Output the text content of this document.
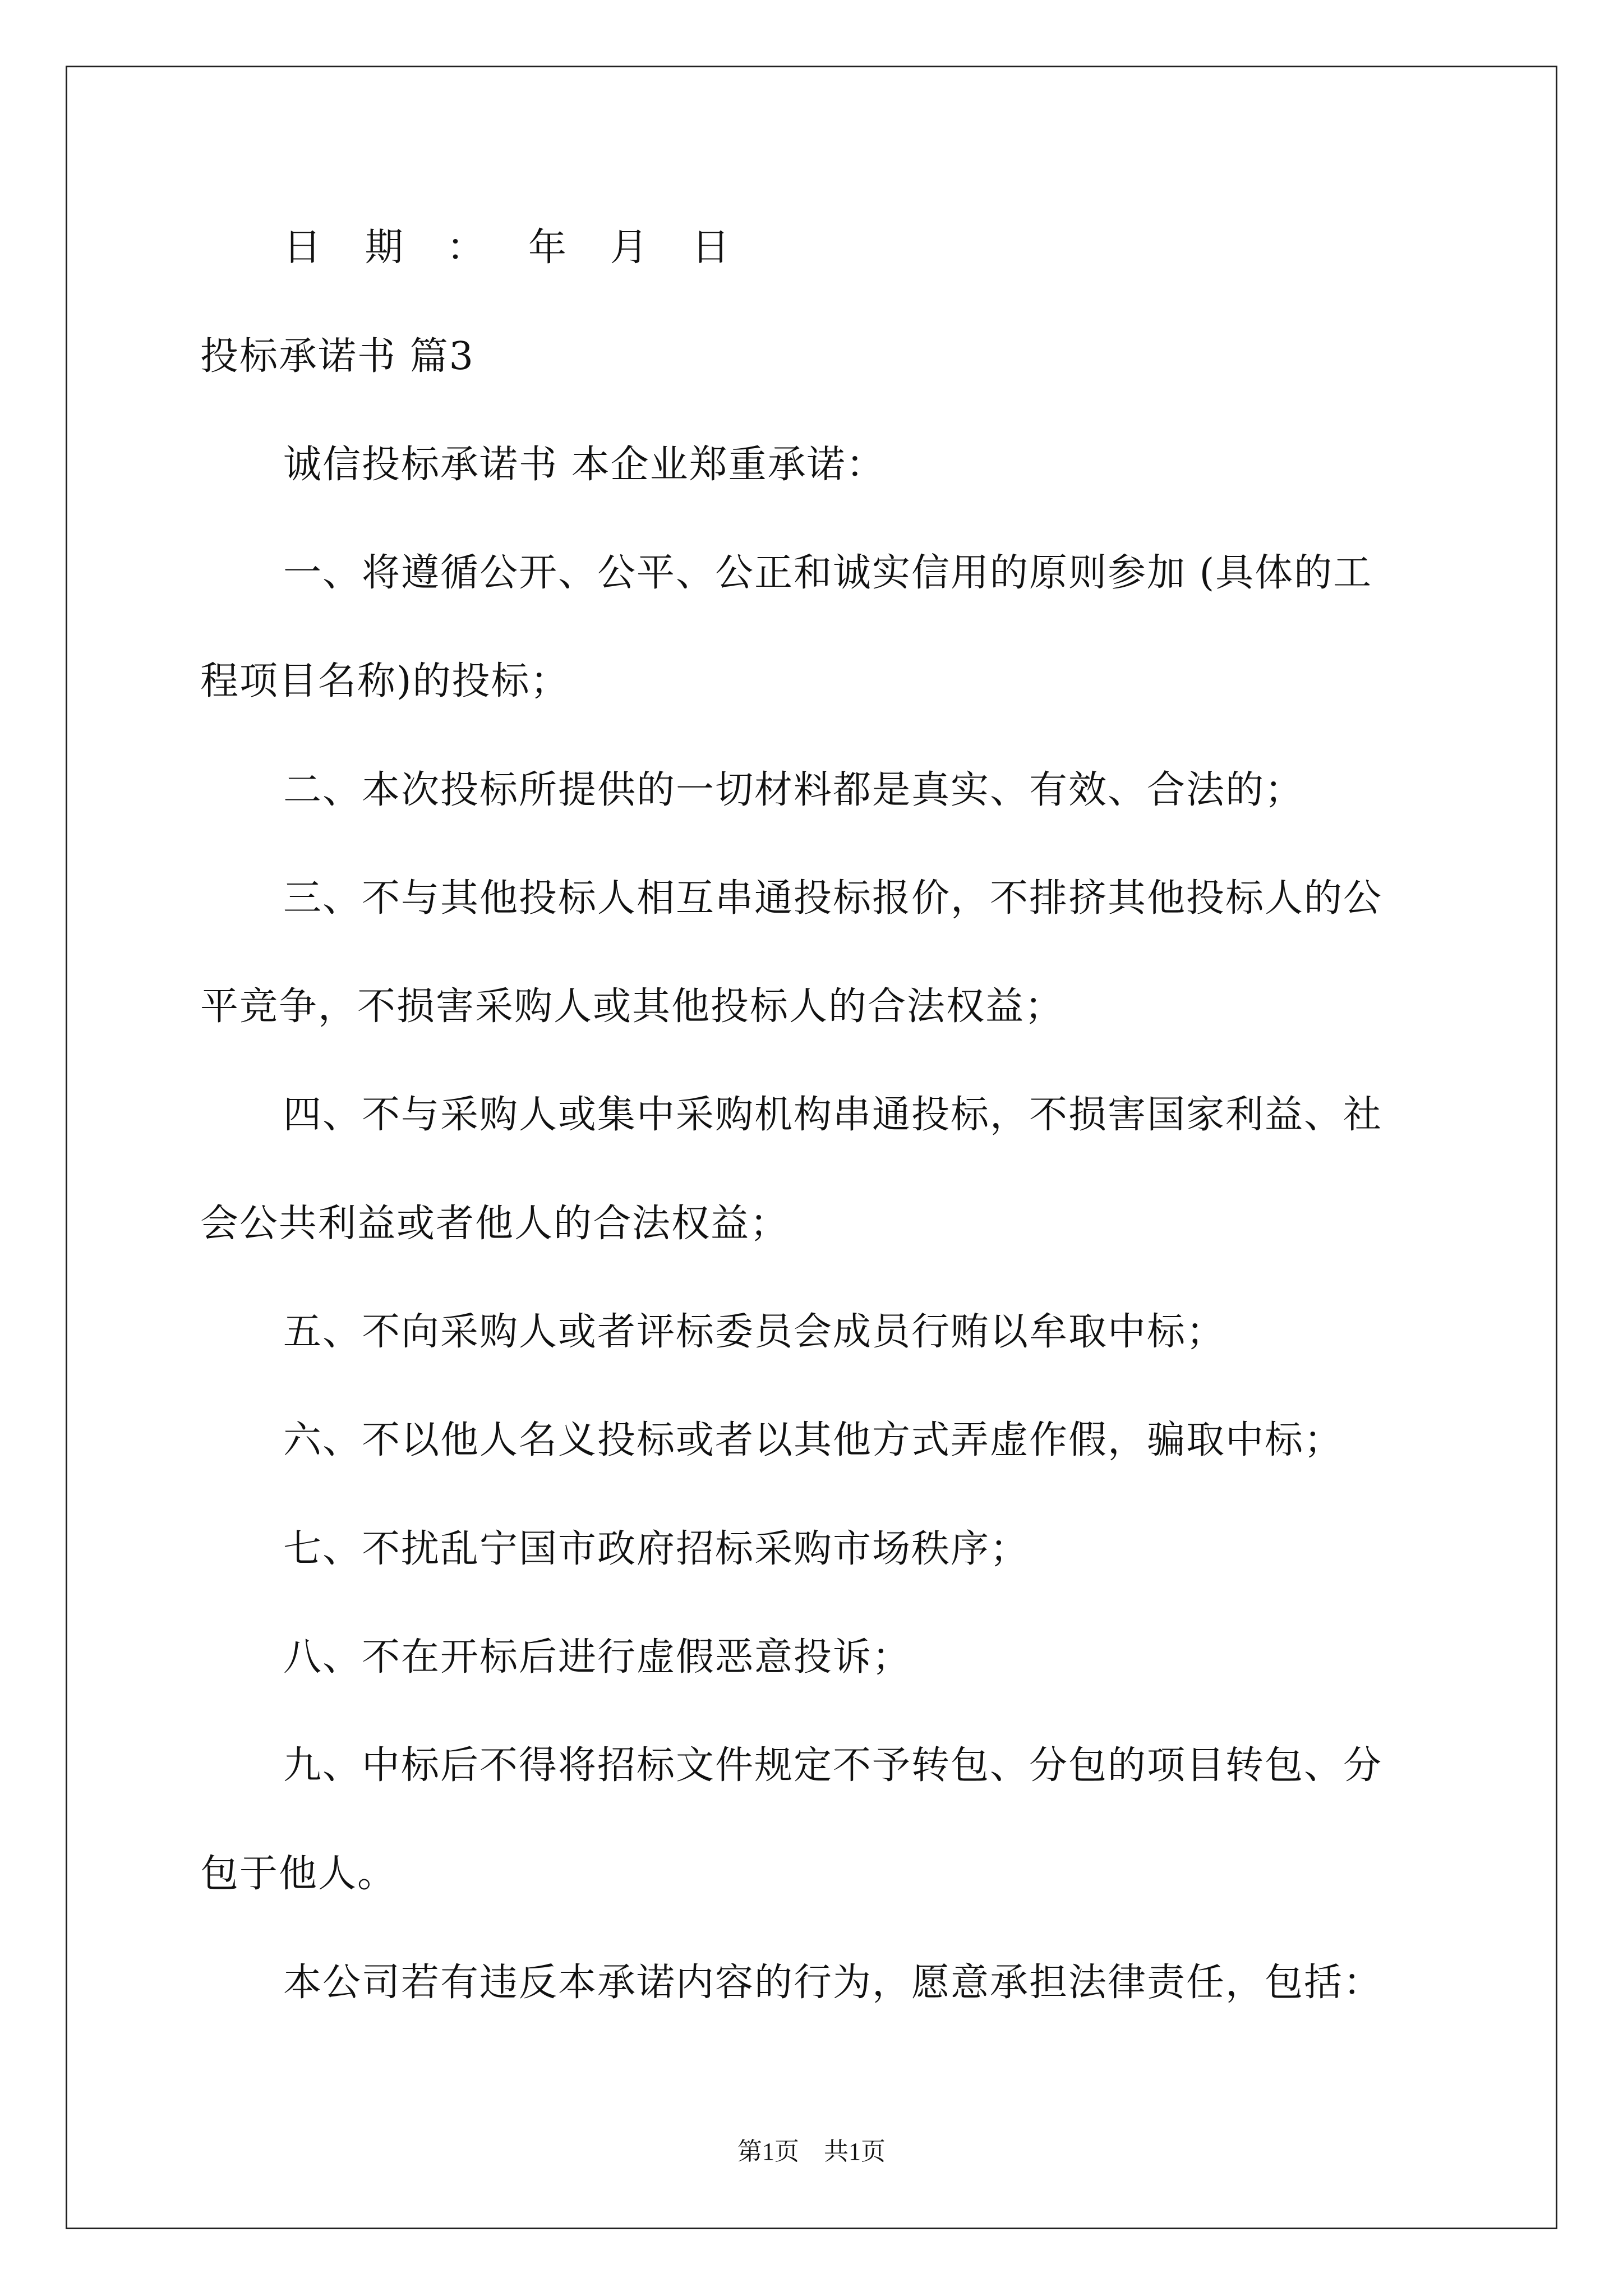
日 期 ： 年 月 日
投标承诺书 篇3
诚信投标承诺书 本企业郑重承诺：
一、将遵循公开、公平、公正和诚实信用的原则参加 (具体的工
程项目名称)的投标；
二、本次投标所提供的一切材料都是真实、有效、合法的；
三、不与其他投标人相互串通投标报价，不排挤其他投标人的公
平竞争，不损害采购人或其他投标人的合法权益；
四、不与采购人或集中采购机构串通投标，不损害国家利益、社
会公共利益或者他人的合法权益；
五、不向采购人或者评标委员会成员行贿以牟取中标；
六、不以他人名义投标或者以其他方式弄虚作假，骗取中标；
七、不扰乱宁国市政府招标采购市场秩序；
八、不在开标后进行虚假恶意投诉；
九、中标后不得将招标文件规定不予转包、分包的项目转包、分
包于他人。
本公司若有违反本承诺内容的行为，愿意承担法律责任，包括：
第1页　共1页
